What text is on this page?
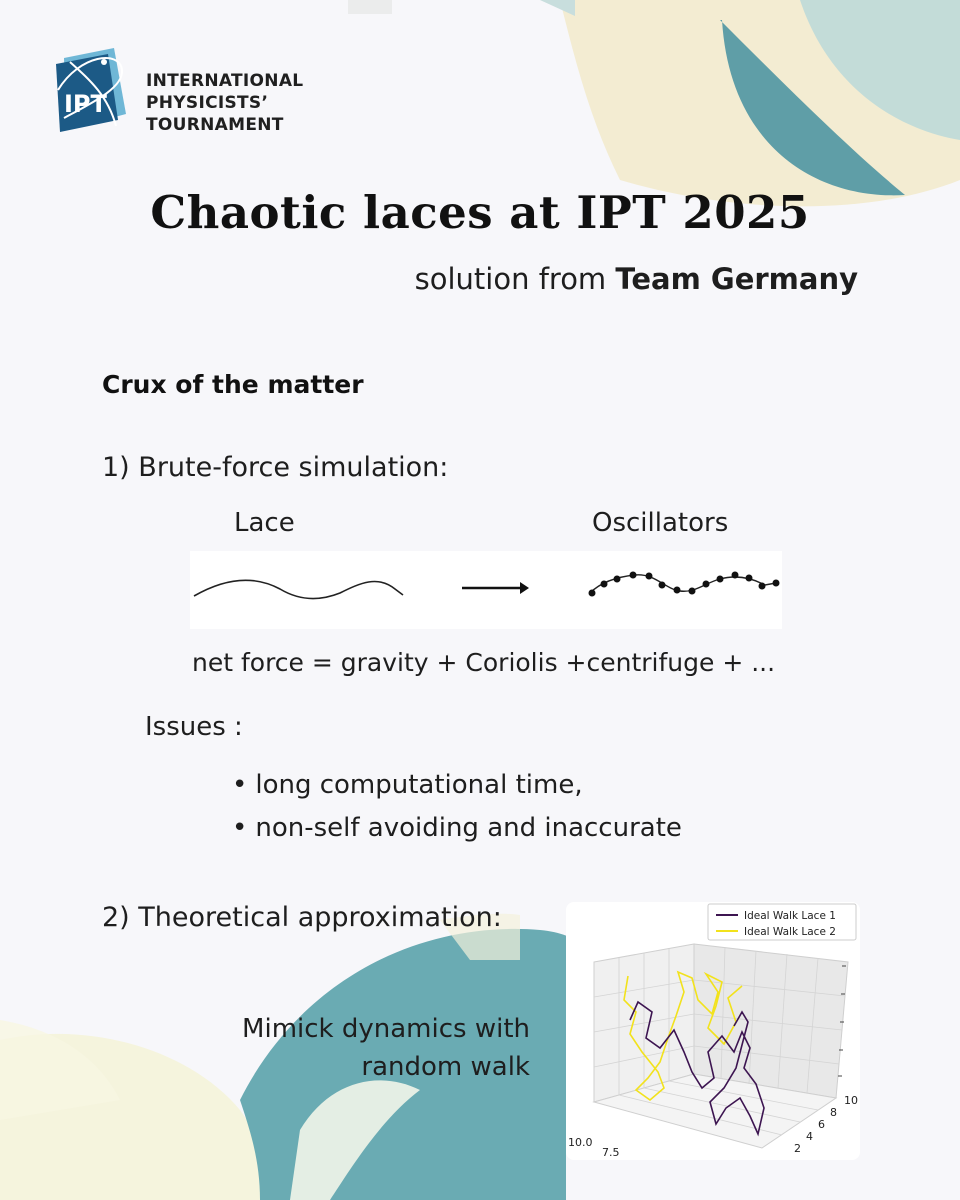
IPT
INTERNATIONAL
PHYSICISTS’
TOURNAMENT
Chaotic laces at IPT 2025
solution from Team Germany
Crux of the matter
1) Brute-force simulation:
Lace	Oscillators
net force = gravity + Coriolis +centrifuge + ...
Issues :
• long computational time,
• non-self avoiding and inaccurate
2) Theoretical approximation:
Mimick dynamics with
random walk
Ideal Walk Lace 1
Ideal Walk Lace 2
10
8
6
4
2
10.0
7.5
